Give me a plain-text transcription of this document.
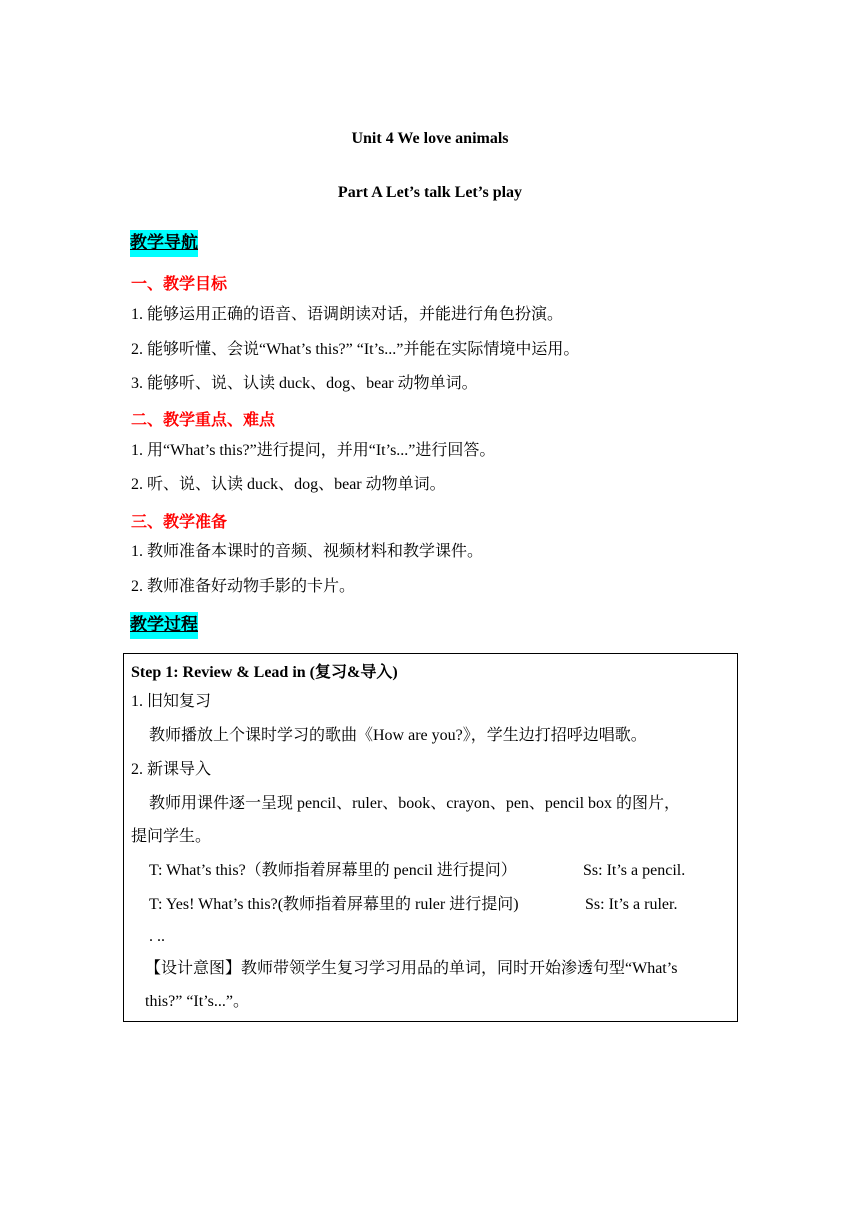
Unit 4 We love animals
Part A Let’s talk Let’s play
教学导航
一、教学目标
1. 能够运用正确的语音、语调朗读对话，并能进行角色扮演。
2. 能够听懂、会说“What’s this?” “It’s...”并能在实际情境中运用。
3. 能够听、说、认读 duck、dog、bear 动物单词。
二、教学重点、难点
1. 用“What’s this?”进行提问，并用“It’s...”进行回答。
2. 听、说、认读 duck、dog、bear 动物单词。
三、教学准备
1. 教师准备本课时的音频、视频材料和教学课件。
2. 教师准备好动物手影的卡片。
教学过程
Step 1: Review & Lead in (复习&导入)
1. 旧知复习
教师播放上个课时学习的歌曲《How are you?》，学生边打招呼边唱歌。
2. 新课导入
教师用课件逐一呈现 pencil、ruler、book、crayon、pen、pencil box 的图片，
提问学生。
T: What’s this?（教师指着屏幕里的 pencil 进行提问）	Ss: It’s a pencil.
T: Yes! What’s this?(教师指着屏幕里的 ruler 进行提问)	Ss: It’s a ruler.
. ..
【设计意图】教师带领学生复习学习用品的单词，同时开始渗透句型“What’s
this?” “It’s...”。
